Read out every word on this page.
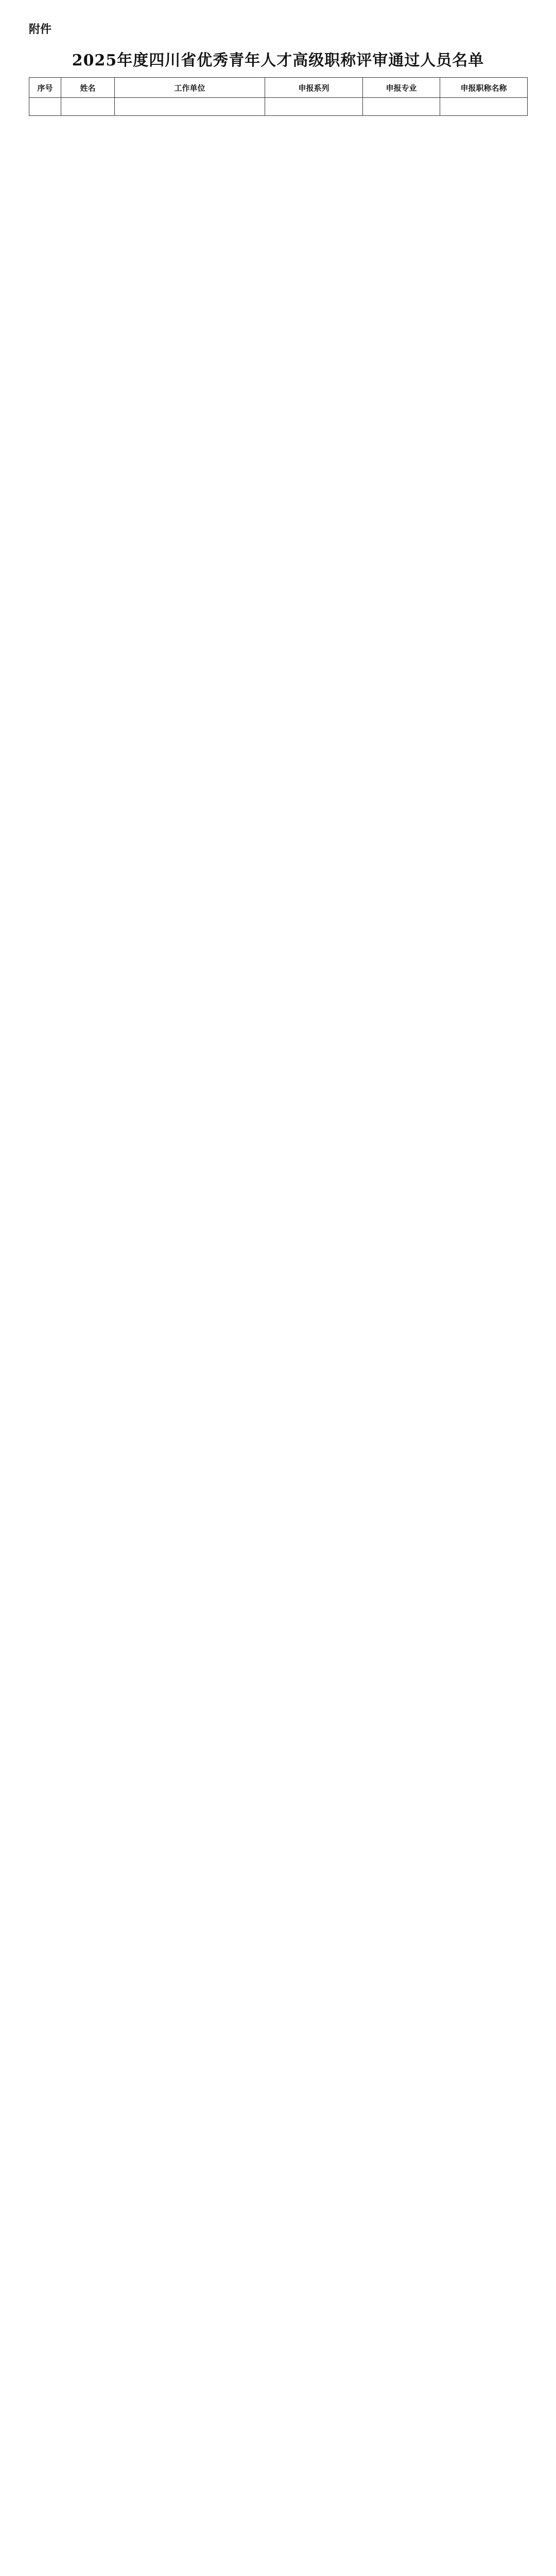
附件
2025年度四川省优秀青年人才高级职称评审通过人员名单
序号	姓名	工作单位	申报系列	申报专业	申报职称名称
